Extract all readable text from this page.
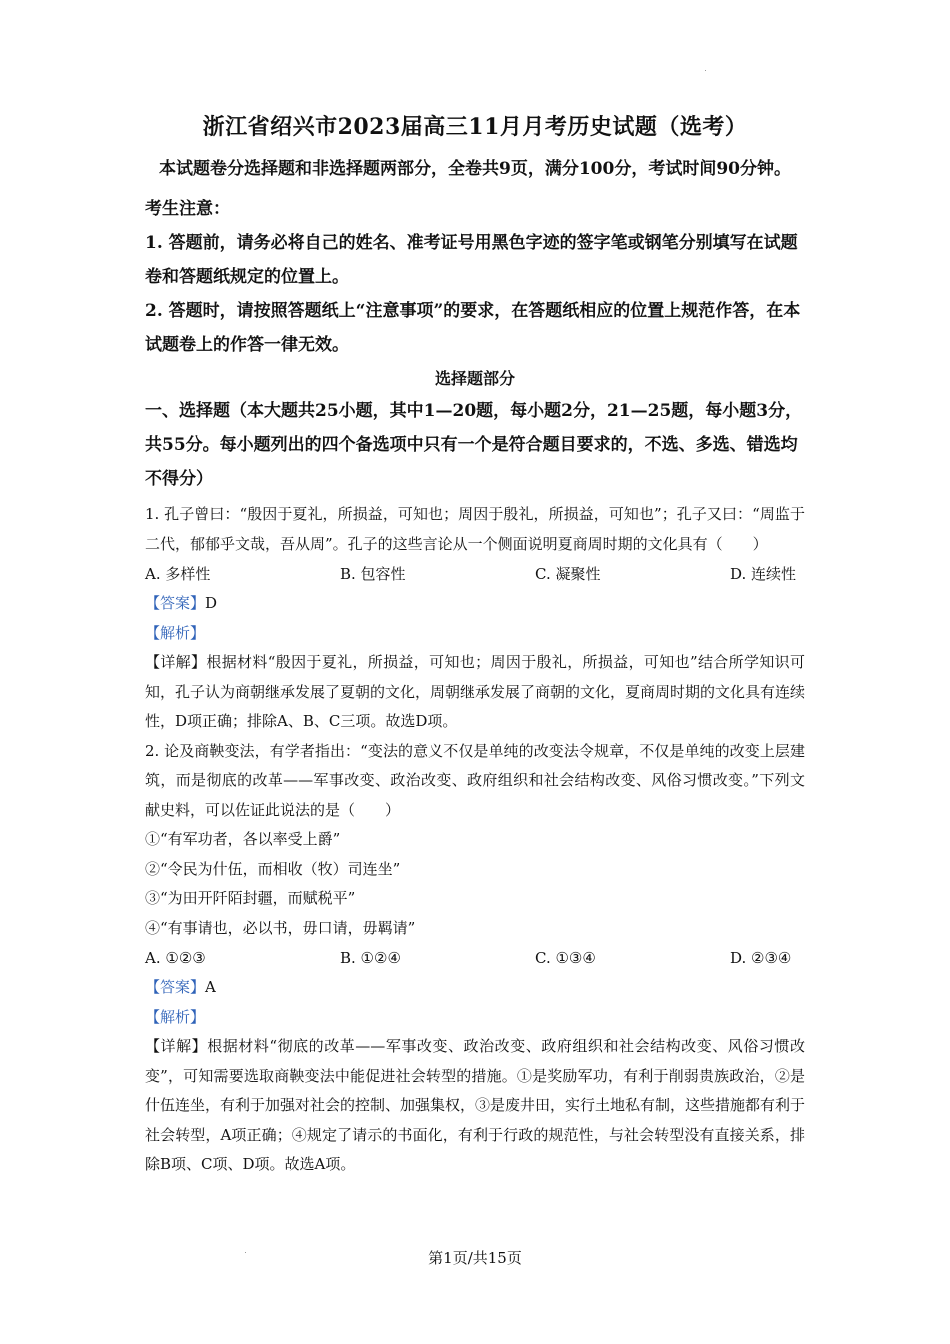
浙江省绍兴市2023届高三11月月考历史试题（选考）

本试题卷分选择题和非选择题两部分，全卷共9页，满分100分，考试时间90分钟。

考生注意：

1. 答题前，请务必将自己的姓名、准考证号用黑色字迹的签字笔或钢笔分别填写在试题卷和答题纸规定的位置上。

2. 答题时，请按照答题纸上“注意事项”的要求，在答题纸相应的位置上规范作答，在本试题卷上的作答一律无效。

选择题部分

一、选择题（本大题共25小题，其中1—20题，每小题2分，21—25题，每小题3分，共55分。每小题列出的四个备选项中只有一个是符合题目要求的，不选、多选、错选均不得分）

1. 孔子曾曰：“殷因于夏礼，所损益，可知也；周因于殷礼，所损益，可知也”；孔子又曰：“周监于二代，郁郁乎文哉，吾从周”。孔子的这些言论从一个侧面说明夏商周时期的文化具有（　　）

A. 多样性	B. 包容性	C. 凝聚性	D. 连续性

【答案】D

【解析】

【详解】根据材料“殷因于夏礼，所损益，可知也；周因于殷礼，所损益，可知也”结合所学知识可知，孔子认为商朝继承发展了夏朝的文化，周朝继承发展了商朝的文化，夏商周时期的文化具有连续性，D项正确；排除A、B、C三项。故选D项。

2. 论及商鞅变法，有学者指出：“变法的意义不仅是单纯的改变法令规章，不仅是单纯的改变上层建筑，而是彻底的改革——军事改变、政治改变、政府组织和社会结构改变、风俗习惯改变。”下列文献史料，可以佐证此说法的是（　　）

①“有军功者，各以率受上爵”

②“令民为什伍，而相收（牧）司连坐”

③“为田开阡陌封疆，而赋税平”

④“有事请也，必以书，毋口请，毋羁请”

A. ①②③	B. ①②④	C. ①③④	D. ②③④

【答案】A

【解析】

【详解】根据材料“彻底的改革——军事改变、政治改变、政府组织和社会结构改变、风俗习惯改变”，可知需要选取商鞅变法中能促进社会转型的措施。①是奖励军功，有利于削弱贵族政治，②是什伍连坐，有利于加强对社会的控制、加强集权，③是废井田，实行土地私有制，这些措施都有利于社会转型，A项正确；④规定了请示的书面化，有利于行政的规范性，与社会转型没有直接关系，排除B项、C项、D项。故选A项。

第1页/共15页
